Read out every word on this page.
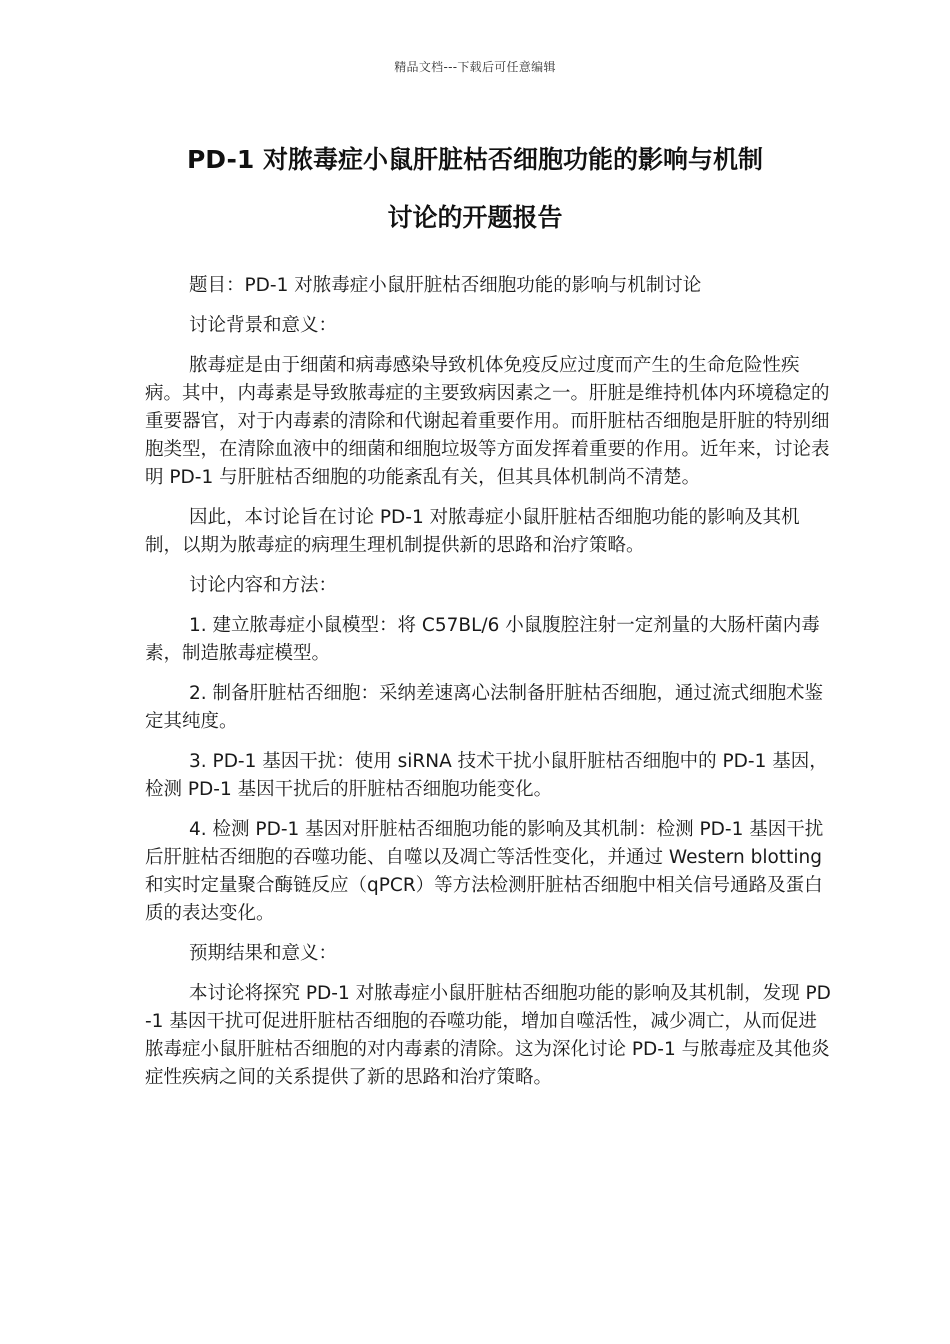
精品文档---下载后可任意编辑
PD-1 对脓毒症小鼠肝脏枯否细胞功能的影响与机制
讨论的开题报告

题目：PD-1 对脓毒症小鼠肝脏枯否细胞功能的影响与机制讨论

讨论背景和意义：

脓毒症是由于细菌和病毒感染导致机体免疫反应过度而产生的生命危险性疾病。其中，内毒素是导致脓毒症的主要致病因素之一。肝脏是维持机体内环境稳定的重要器官，对于内毒素的清除和代谢起着重要作用。而肝脏枯否细胞是肝脏的特别细胞类型，在清除血液中的细菌和细胞垃圾等方面发挥着重要的作用。近年来，讨论表明 PD-1 与肝脏枯否细胞的功能紊乱有关，但其具体机制尚不清楚。

因此，本讨论旨在讨论 PD-1 对脓毒症小鼠肝脏枯否细胞功能的影响及其机制，以期为脓毒症的病理生理机制提供新的思路和治疗策略。

讨论内容和方法：

1. 建立脓毒症小鼠模型：将 C57BL/6 小鼠腹腔注射一定剂量的大肠杆菌内毒素，制造脓毒症模型。

2. 制备肝脏枯否细胞：采纳差速离心法制备肝脏枯否细胞，通过流式细胞术鉴定其纯度。

3. PD-1 基因干扰：使用 siRNA 技术干扰小鼠肝脏枯否细胞中的 PD-1 基因，检测 PD-1 基因干扰后的肝脏枯否细胞功能变化。

4. 检测 PD-1 基因对肝脏枯否细胞功能的影响及其机制：检测 PD-1 基因干扰后肝脏枯否细胞的吞噬功能、自噬以及凋亡等活性变化，并通过 Western blotting 和实时定量聚合酶链反应（qPCR）等方法检测肝脏枯否细胞中相关信号通路及蛋白质的表达变化。

预期结果和意义：

本讨论将探究 PD-1 对脓毒症小鼠肝脏枯否细胞功能的影响及其机制，发现 PD-1 基因干扰可促进肝脏枯否细胞的吞噬功能，增加自噬活性，减少凋亡，从而促进脓毒症小鼠肝脏枯否细胞的对内毒素的清除。这为深化讨论 PD-1 与脓毒症及其他炎症性疾病之间的关系提供了新的思路和治疗策略。
